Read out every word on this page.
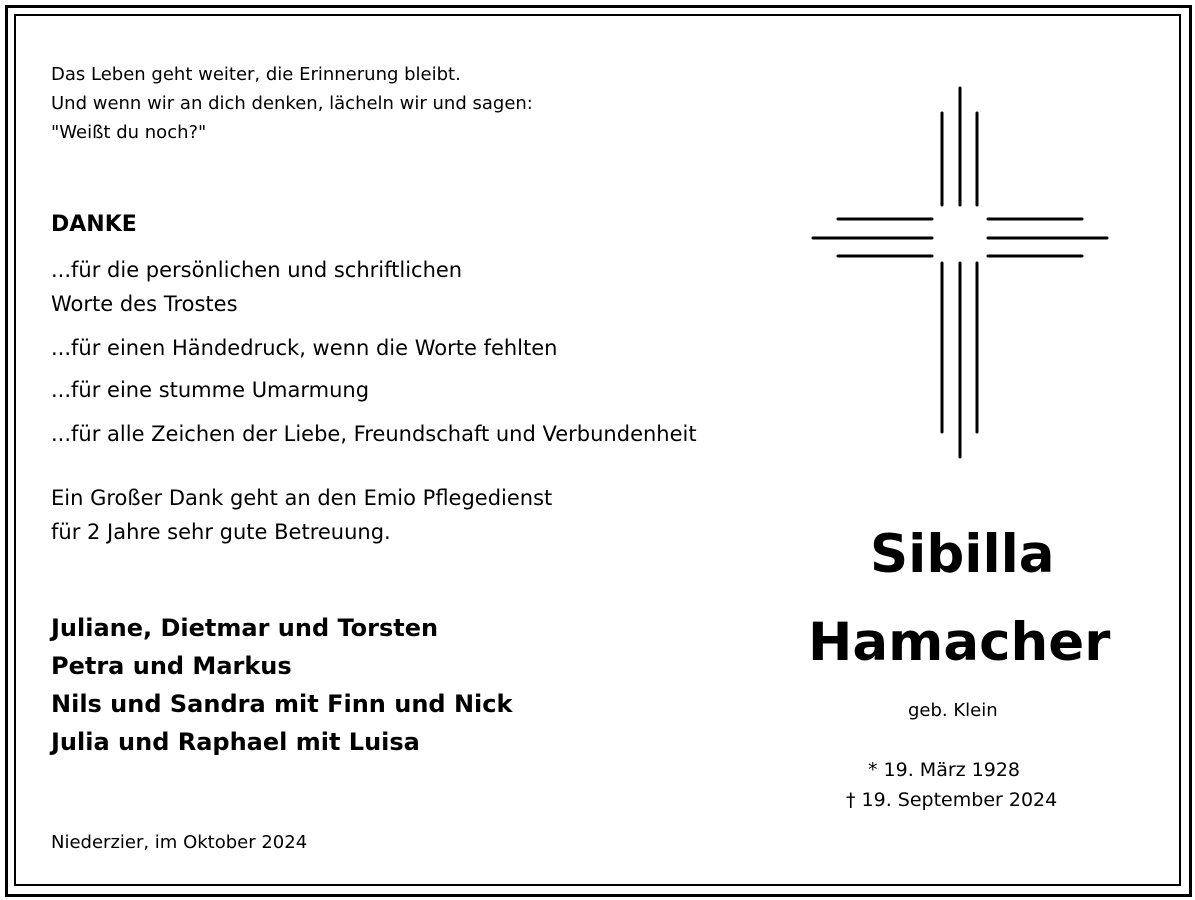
Das Leben geht weiter, die Erinnerung bleibt.
Und wenn wir an dich denken, lächeln wir und sagen:
"Weißt du noch?"
DANKE
...für die persönlichen und schriftlichen
Worte des Trostes
...für einen Händedruck, wenn die Worte fehlten
...für eine stumme Umarmung
...für alle Zeichen der Liebe, Freundschaft und Verbundenheit
Ein Großer Dank geht an den Emio Pflegedienst
für 2 Jahre sehr gute Betreuung.
Juliane, Dietmar und Torsten
Petra und Markus
Nils und Sandra mit Finn und Nick
Julia und Raphael mit Luisa
Niederzier, im Oktober 2024
Sibilla
Hamacher
geb. Klein
* 19. März 1928
† 19. September 2024
